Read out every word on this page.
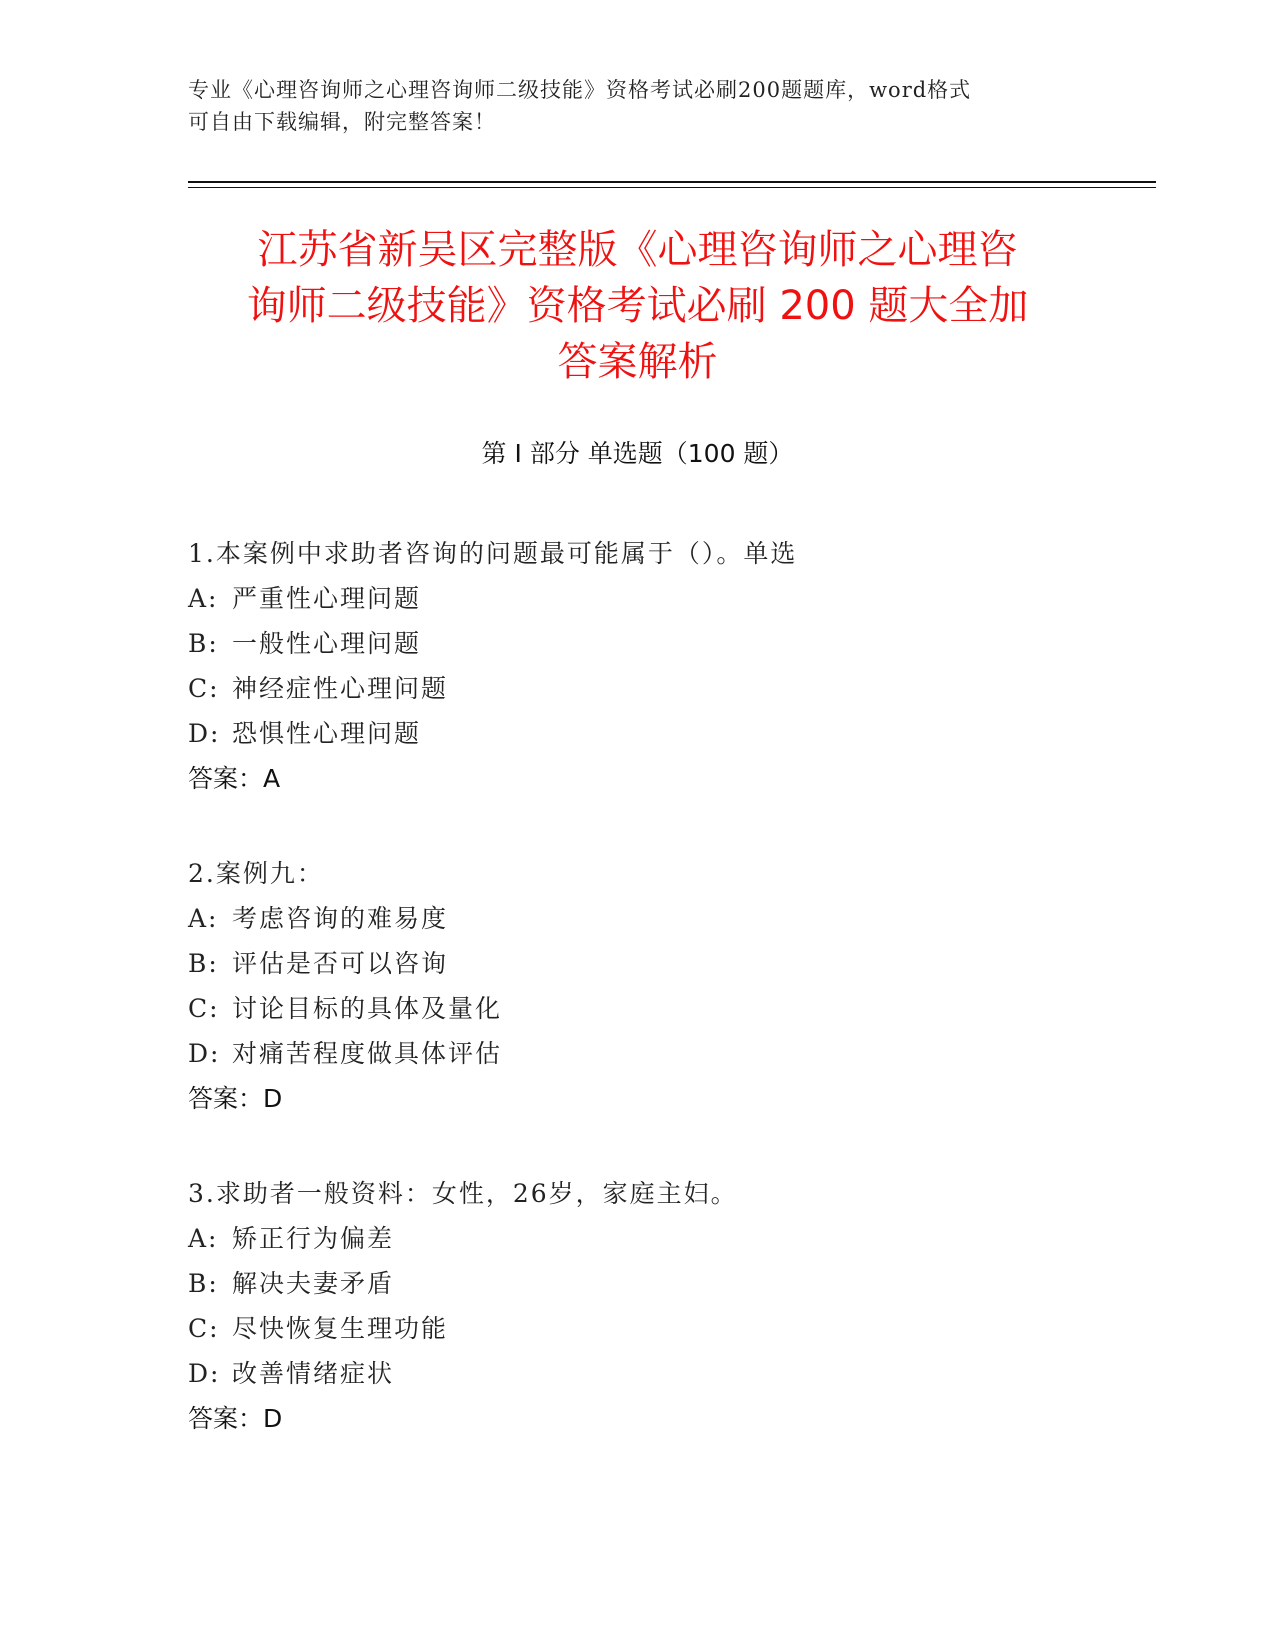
专业《心理咨询师之心理咨询师二级技能》资格考试必刷200题题库，word格式
可自由下载编辑，附完整答案！
江苏省新吴区完整版《心理咨询师之心理咨
询师二级技能》资格考试必刷 200 题大全加
答案解析
第 I 部分 单选题（100 题）
1.本案例中求助者咨询的问题最可能属于（）。单选
A: 严重性心理问题
B: 一般性心理问题
C: 神经症性心理问题
D: 恐惧性心理问题
答案：A
2.案例九：
A: 考虑咨询的难易度
B: 评估是否可以咨询
C: 讨论目标的具体及量化
D: 对痛苦程度做具体评估
答案：D
3.求助者一般资料：女性，26岁，家庭主妇。
A: 矫正行为偏差
B: 解决夫妻矛盾
C: 尽快恢复生理功能
D: 改善情绪症状
答案：D
